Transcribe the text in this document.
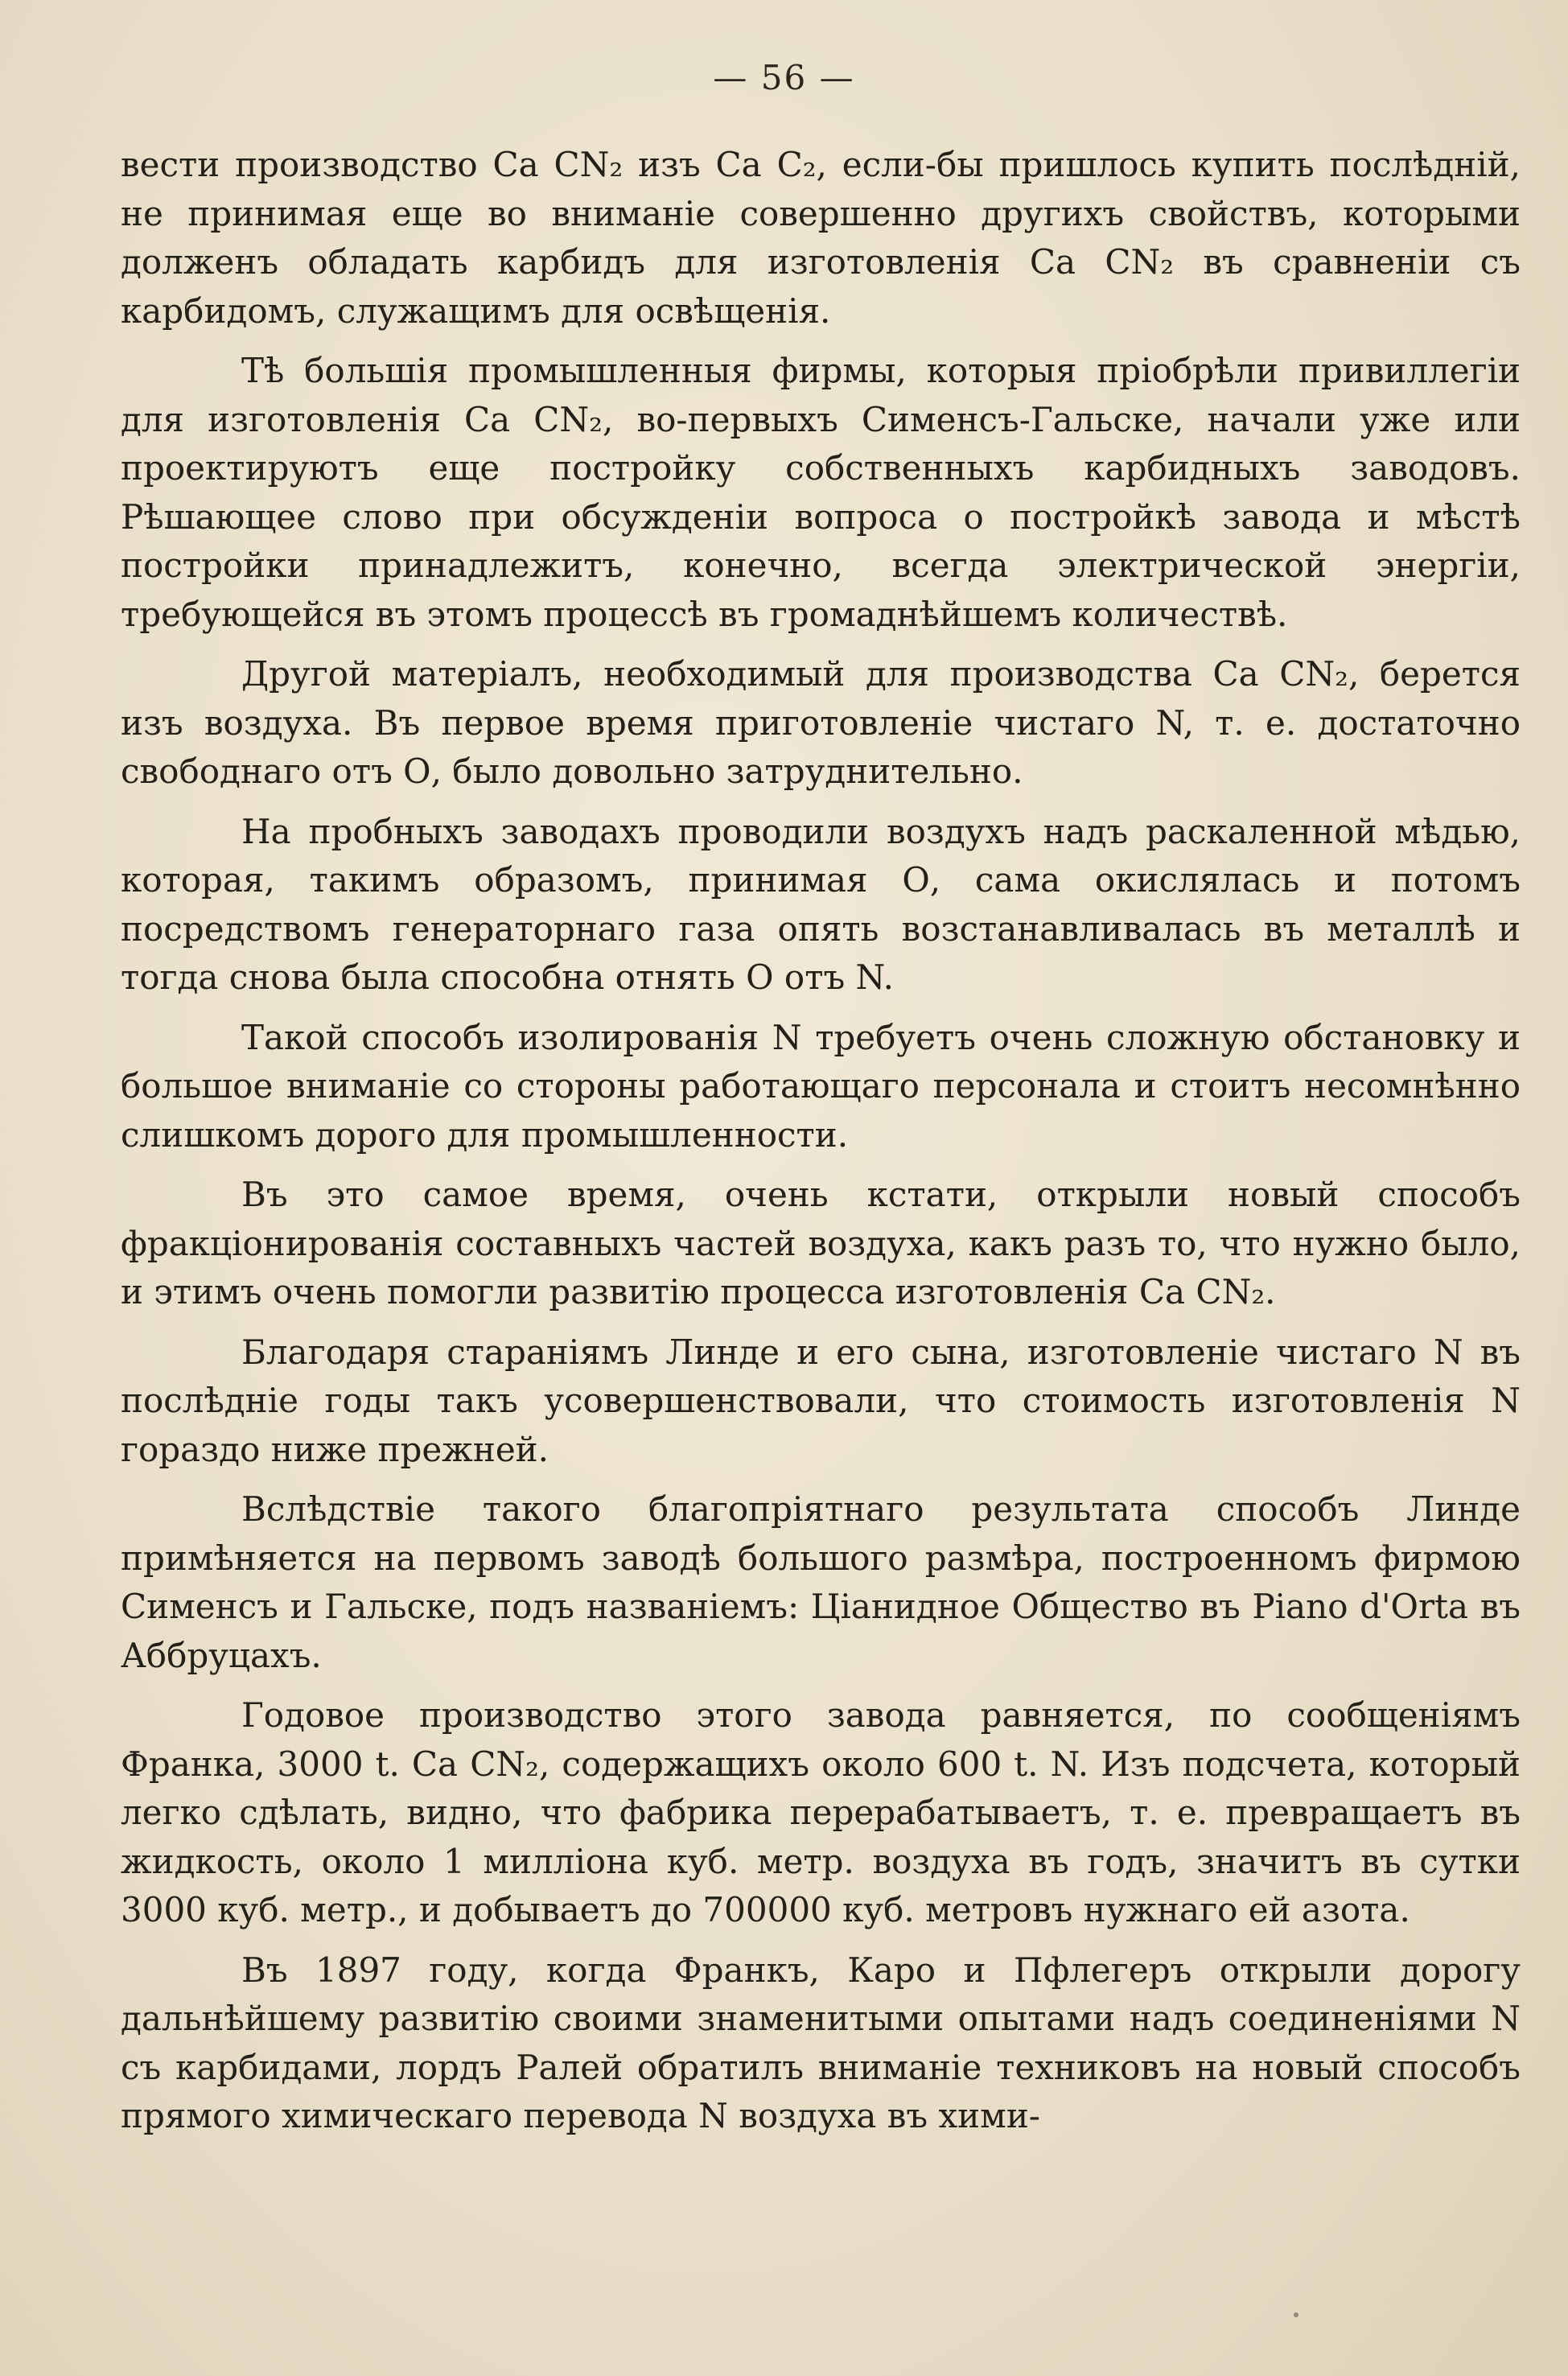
— 56 —

вести производство Са CN₂ изъ Са C₂, если-бы пришлось купить послѣднiй, не принимая еще во вниманiе совершенно другихъ свойствъ, которыми долженъ обладать карбидъ для изготовленiя Са CN₂ въ сравненiи съ карбидомъ, служащимъ для освѣщенiя.

Тѣ большiя промышленныя фирмы, которыя прiобрѣли привиллегiи для изготовленiя Са CN₂, во-первыхъ Сименсъ-Гальске, начали уже или проектируютъ еще постройку собственныхъ карбидныхъ заводовъ. Рѣшающее слово при обсужденiи вопроса о постройкѣ завода и мѣстѣ постройки принадлежитъ, конечно, всегда электрической энергiи, требующейся въ этомъ процессѣ въ громаднѣйшемъ количествѣ.

Другой матерiалъ, необходимый для производства Са CN₂, берется изъ воздуха. Въ первое время приготовленiе чистаго N, т. е. достаточно свободнаго отъ О, было довольно затруднительно.

На пробныхъ заводахъ проводили воздухъ надъ раскаленной мѣдью, которая, такимъ образомъ, принимая О, сама окислялась и потомъ посредствомъ генераторнаго газа опять возстанавливалась въ металлѣ и тогда снова была способна отнять О отъ N.

Такой способъ изолированiя N требуетъ очень сложную обстановку и большое вниманiе со стороны работающаго персонала и стоитъ несомнѣнно слишкомъ дорого для промышленности.

Въ это самое время, очень кстати, открыли новый способъ фракцiонированiя составныхъ частей воздуха, какъ разъ то, что нужно было, и этимъ очень помогли развитiю процесса изготовленiя Са CN₂.

Благодаря старанiямъ Линде и его сына, изготовленiе чистаго N въ послѣднiе годы такъ усовершенствовали, что стоимость изготовленiя N гораздо ниже прежней.

Вслѣдствiе такого благопрiятнаго результата способъ Линде примѣняется на первомъ заводѣ большого размѣра, построенномъ фирмою Сименсъ и Гальске, подъ названiемъ: Цiанидное Общество въ Piano d'Orta въ Аббруцахъ.

Годовое производство этого завода равняется, по сообщенiямъ Франка, 3000 t. Са CN₂, содержащихъ около 600 t. N. Изъ подсчета, который легко сдѣлать, видно, что фабрика перерабатываетъ, т. е. превращаетъ въ жидкость, около 1 миллiона куб. метр. воздуха въ годъ, значитъ въ сутки 3000 куб. метр., и добываетъ до 700000 куб. метровъ нужнаго ей азота.

Въ 1897 году, когда Франкъ, Каро и Пфлегеръ открыли дорогу дальнѣйшему развитiю своими знаменитыми опытами надъ соединенiями N съ карбидами, лордъ Ралей обратилъ вниманiе техниковъ на новый способъ прямого химическаго перевода N воздуха въ хими-
